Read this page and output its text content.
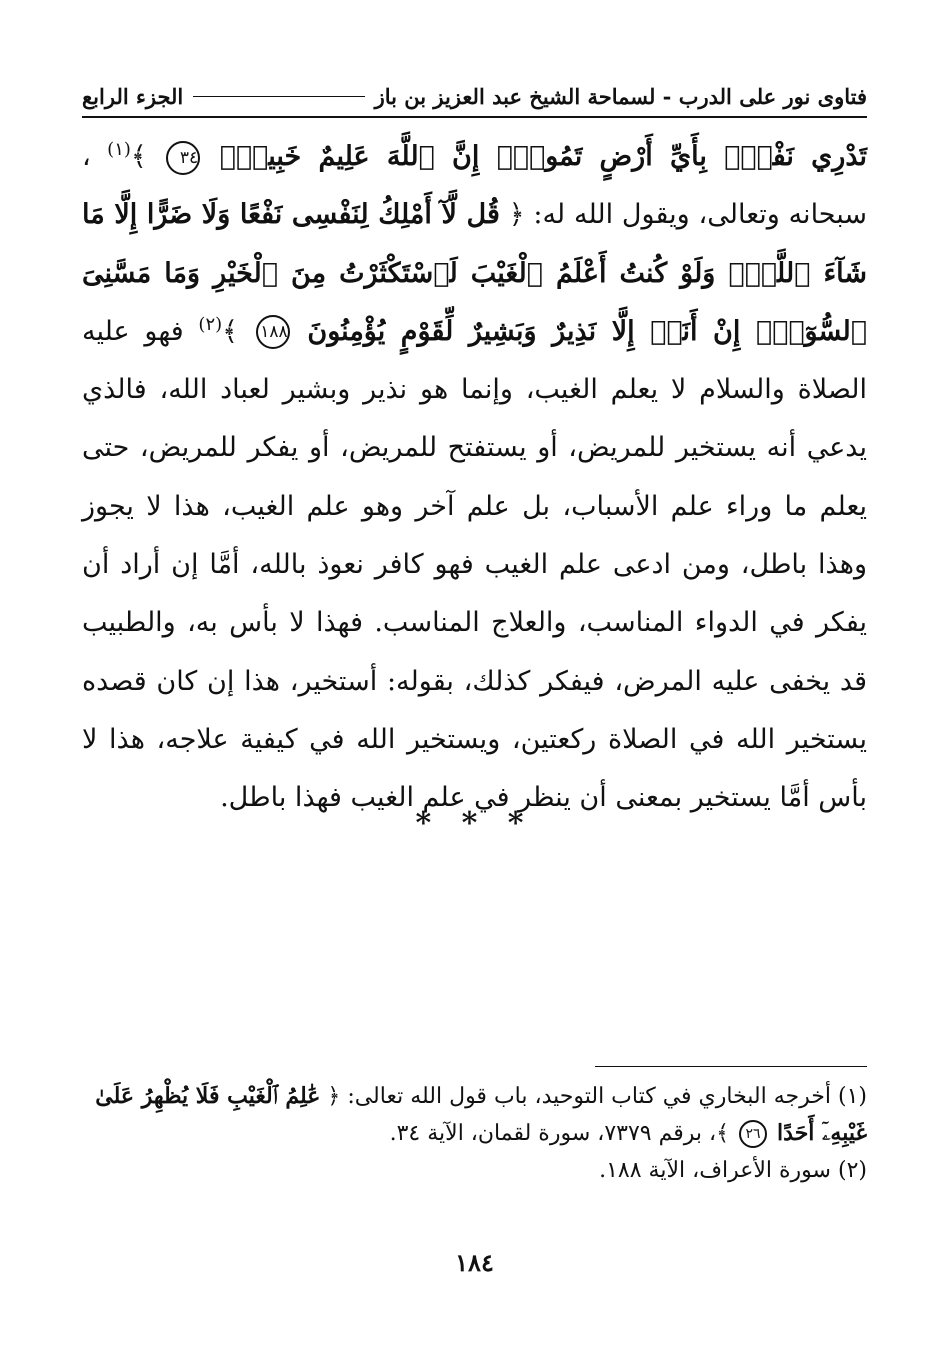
فتاوى نور على الدرب - لسماحة الشيخ عبد العزيز بن باز
الجزء الرابع

تَدْرِي نَفْسٌۢ بِأَيِّ أَرْضٍ تَمُوتُۚ إِنَّ ٱللَّهَ عَلِيمٌ خَبِيرٌۢ ٣٤ ﴾$^{(١)}$ ، سبحانه وتعالى، ويقول الله له: ﴿ قُل لَّآ أَمْلِكُ لِنَفْسِى نَفْعًا وَلَا ضَرًّا إِلَّا مَا شَآءَ ٱللَّهُۚ وَلَوْ كُنتُ أَعْلَمُ ٱلْغَيْبَ لَٱسْتَكْثَرْتُ مِنَ ٱلْخَيْرِ وَمَا مَسَّنِىَ ٱلسُّوٓءُۚ إِنْ أَنَا۠ إِلَّا نَذِيرٌ وَبَشِيرٌ لِّقَوْمٍ يُؤْمِنُونَ ١٨٨ ﴾$^{(٢)}$ فهو عليه الصلاة والسلام لا يعلم الغيب، وإنما هو نذير وبشير لعباد الله، فالذي يدعي أنه يستخير للمريض، أو يستفتح للمريض، أو يفكر للمريض، حتى يعلم ما وراء علم الأسباب، بل علم آخر وهو علم الغيب، هذا لا يجوز وهذا باطل، ومن ادعى علم الغيب فهو كافر نعوذ بالله، أمَّا إن أراد أن يفكر في الدواء المناسب، والعلاج المناسب. فهذا لا بأس به، والطبيب قد يخفى عليه المرض، فيفكر كذلك، بقوله: أستخير، هذا إن كان قصده يستخير الله في الصلاة ركعتين، ويستخير الله في كيفية علاجه، هذا لا بأس أمَّا يستخير بمعنى أن ينظر في علم الغيب فهذا باطل.

* * *

(١) أخرجه البخاري في كتاب التوحيد، باب قول الله تعالى: ﴿ عَٰلِمُ ٱلْغَيْبِ فَلَا يُظْهِرُ عَلَىٰ غَيْبِهِۦٓ أَحَدًا ٢٦ ﴾، برقم ٧٣٧٩، سورة لقمان، الآية ٣٤.

(٢) سورة الأعراف، الآية ١٨٨.

١٨٤
